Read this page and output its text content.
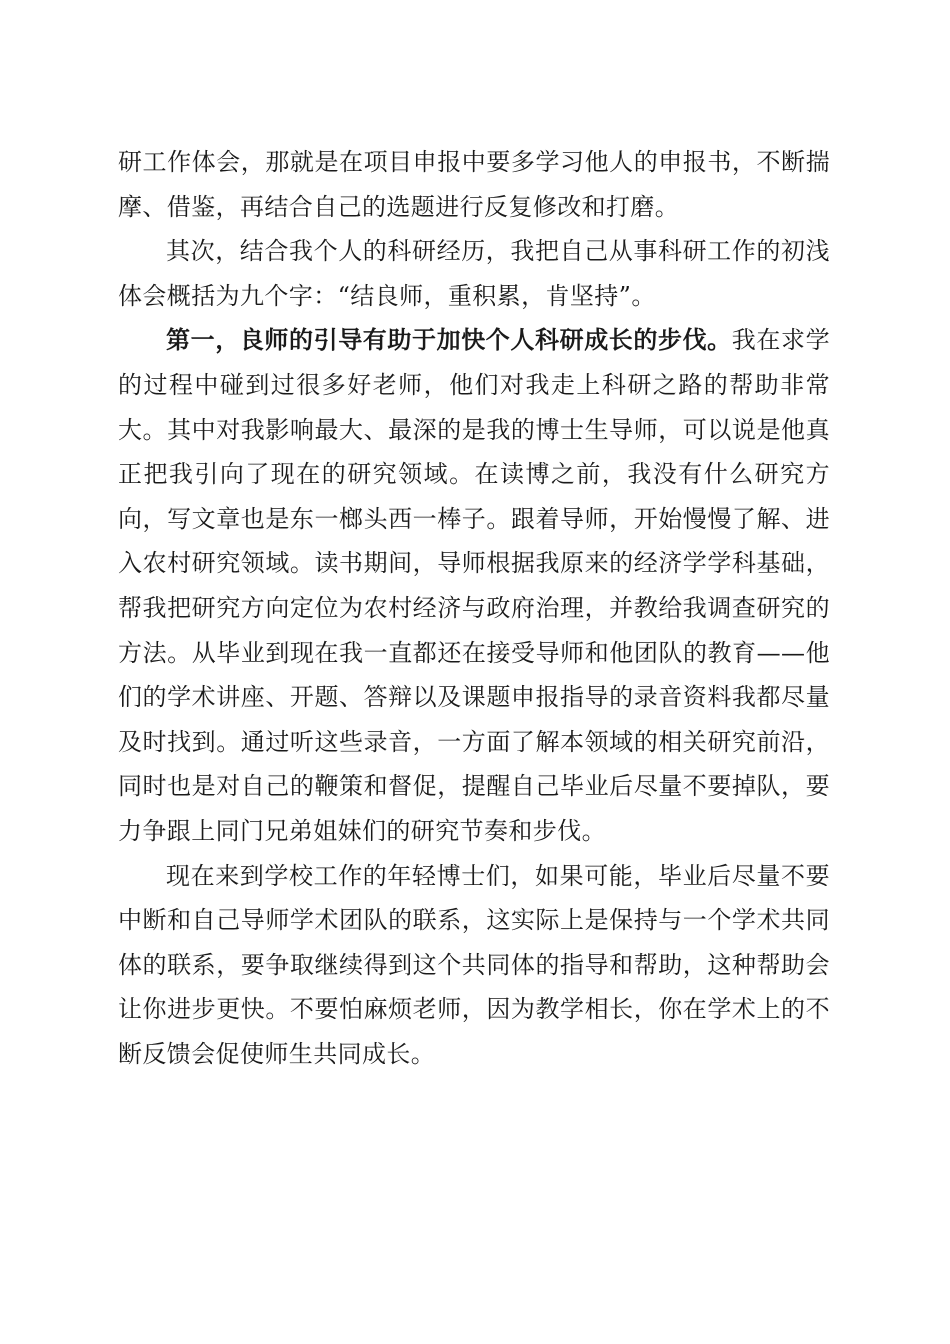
研工作体会，那就是在项目申报中要多学习他人的申报书，不断揣摩、借鉴，再结合自己的选题进行反复修改和打磨。

其次，结合我个人的科研经历，我把自己从事科研工作的初浅体会概括为九个字：“结良师，重积累，肯坚持”。

第一，良师的引导有助于加快个人科研成长的步伐。我在求学的过程中碰到过很多好老师，他们对我走上科研之路的帮助非常大。其中对我影响最大、最深的是我的博士生导师，可以说是他真正把我引向了现在的研究领域。在读博之前，我没有什么研究方向，写文章也是东一榔头西一棒子。跟着导师，开始慢慢了解、进入农村研究领域。读书期间，导师根据我原来的经济学学科基础，帮我把研究方向定位为农村经济与政府治理，并教给我调查研究的方法。从毕业到现在我一直都还在接受导师和他团队的教育——他们的学术讲座、开题、答辩以及课题申报指导的录音资料我都尽量及时找到。通过听这些录音，一方面了解本领域的相关研究前沿，同时也是对自己的鞭策和督促，提醒自己毕业后尽量不要掉队，要力争跟上同门兄弟姐妹们的研究节奏和步伐。

现在来到学校工作的年轻博士们，如果可能，毕业后尽量不要中断和自己导师学术团队的联系，这实际上是保持与一个学术共同体的联系，要争取继续得到这个共同体的指导和帮助，这种帮助会让你进步更快。不要怕麻烦老师，因为教学相长，你在学术上的不断反馈会促使师生共同成长。
